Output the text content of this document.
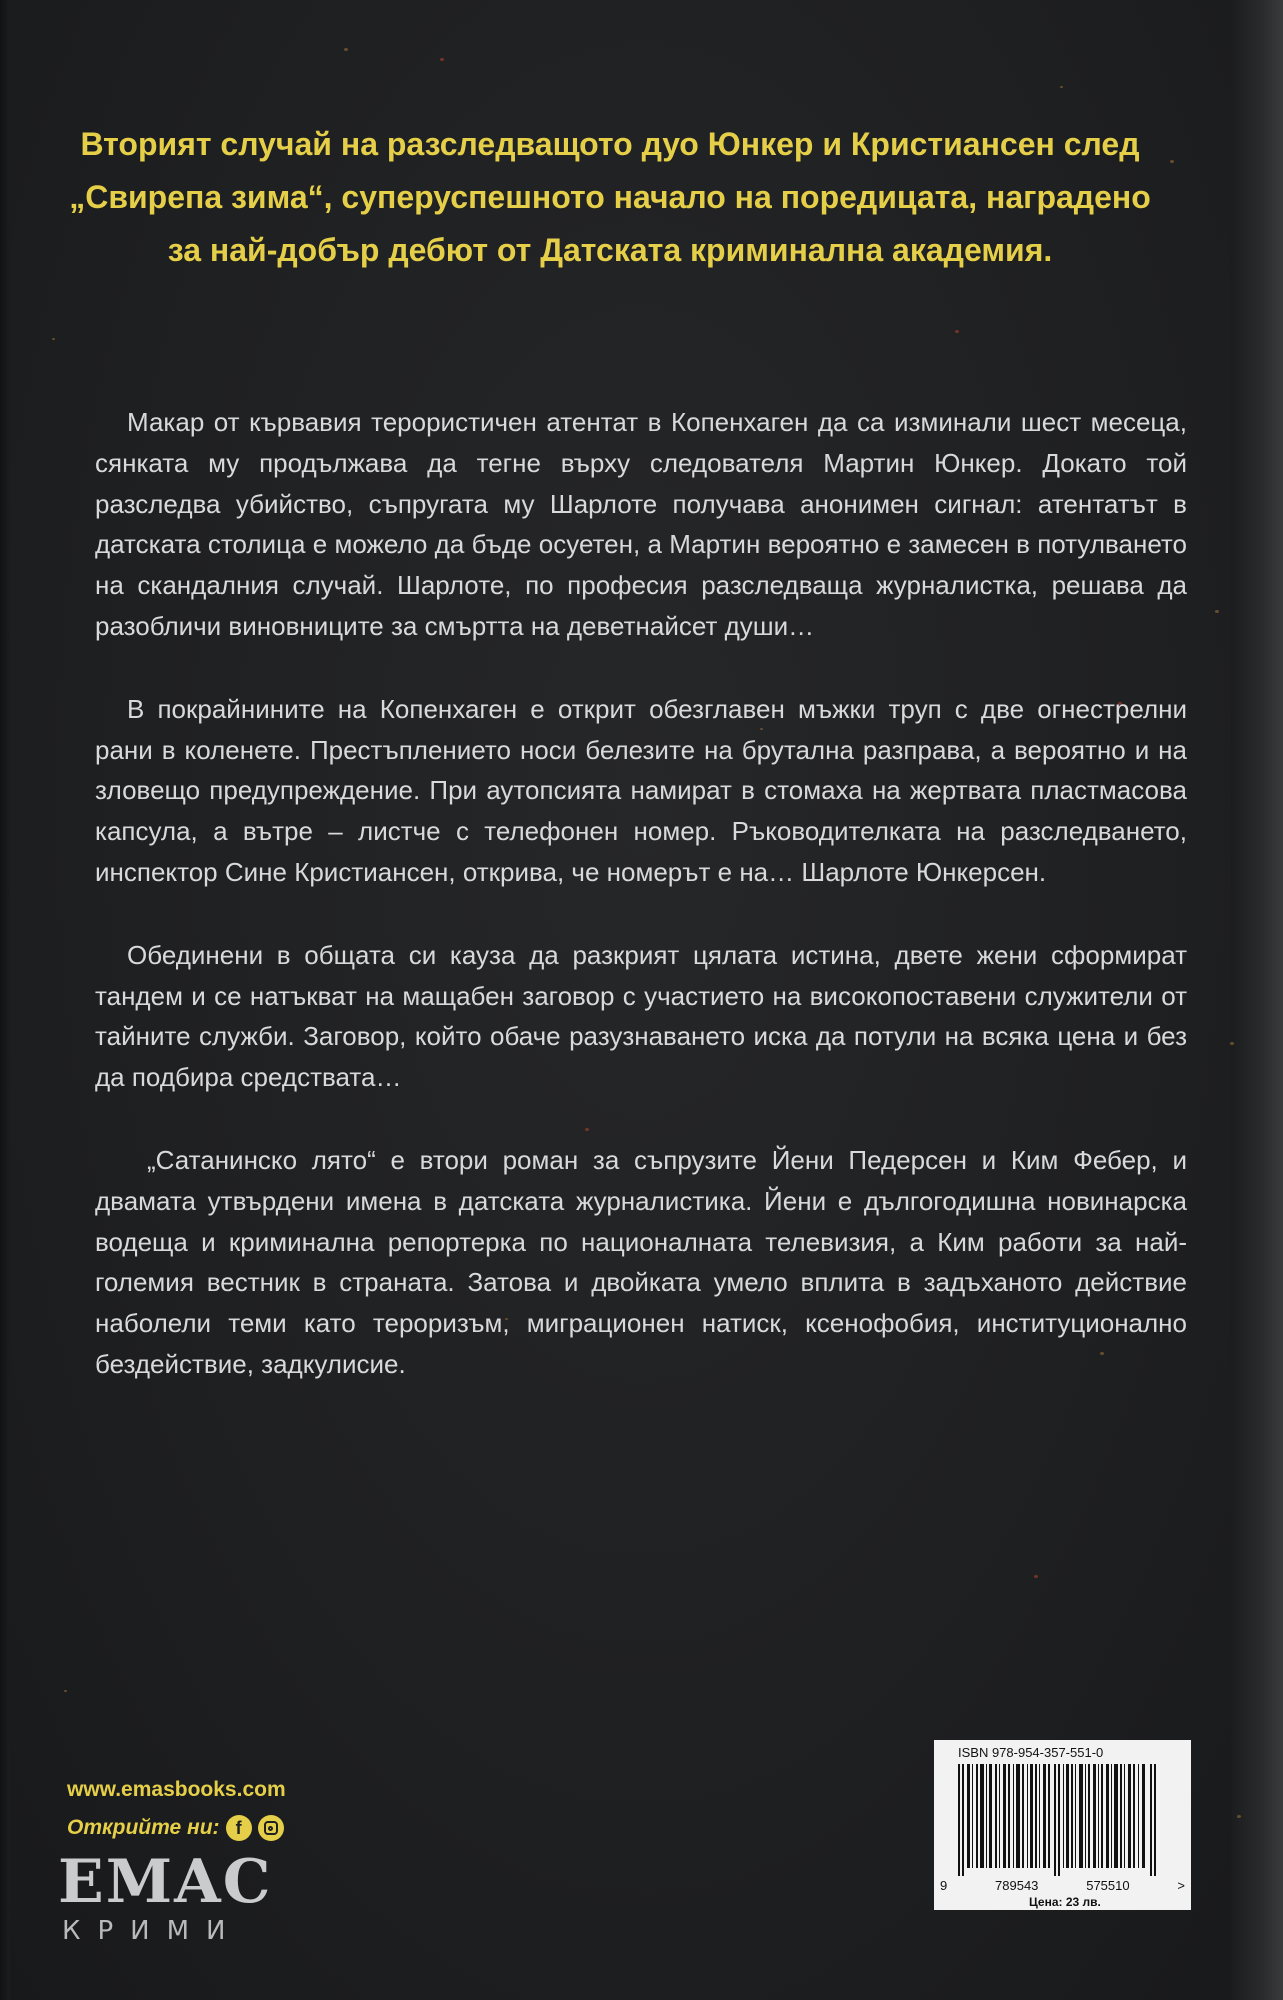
Вторият случай на разследващото дуо Юнкер и Кристиансен след „Свирепа зима“, суперуспешното начало на поредицата, наградено за най-добър дебют от Датската криминална академия.

Макар от кървавия терористичен атентат в Копенхаген да са изминали шест месеца, сянката му продължава да тегне върху следователя Мартин Юнкер. Докато той разследва убийство, съпругата му Шарлоте получава анонимен сигнал: атентатът в датската столица е можело да бъде осуетен, а Мартин вероятно е замесен в потулването на скандалния случай. Шарлоте, по професия разследваща журналистка, решава да разобличи виновниците за смъртта на деветнайсет души…

В покрайнините на Копенхаген е открит обезглавен мъжки труп с две огнестрелни рани в колeнете. Престъплението носи белезите на брутална разправа, а вероятно и на зловещо предупреждение. При аутопсията намират в стомаха на жертвата пластмасова капсула, а вътре – листче с телефонен номер. Ръководителката на разследването, инспектор Сине Кристиансен, открива, че номерът е на… Шарлоте Юнкерсен.

Обединени в общата си кауза да разкрият цялата истина, двете жени сформират тандем и се натъкват на мащабен заговор с участието на високопоставени служители от тайните служби. Заговор, който обаче разузнаването иска да потули на всяка цена и без да подбира средствата…

„Сатанинско лято“ е втори роман за съпрузите Йени Педерсен и Ким Фебер, и двамата утвърдени имена в датската журналистика. Йени е дългогодишна новинарска водеща и криминална репортерка по националната телевизия, а Ким работи за най-големия вестник в страната. Затова и двойката умело вплита в задъханото действие наболели теми като тероризъм, миграционен натиск, ксенофобия, институционално бездействие, задкулисие.

www.emasbooks.com

Открийте ни: f
EMAC
КРИМИ
ISBN 978-954-357-551-0
9	789543	575510	>
Цена: 23 лв.
